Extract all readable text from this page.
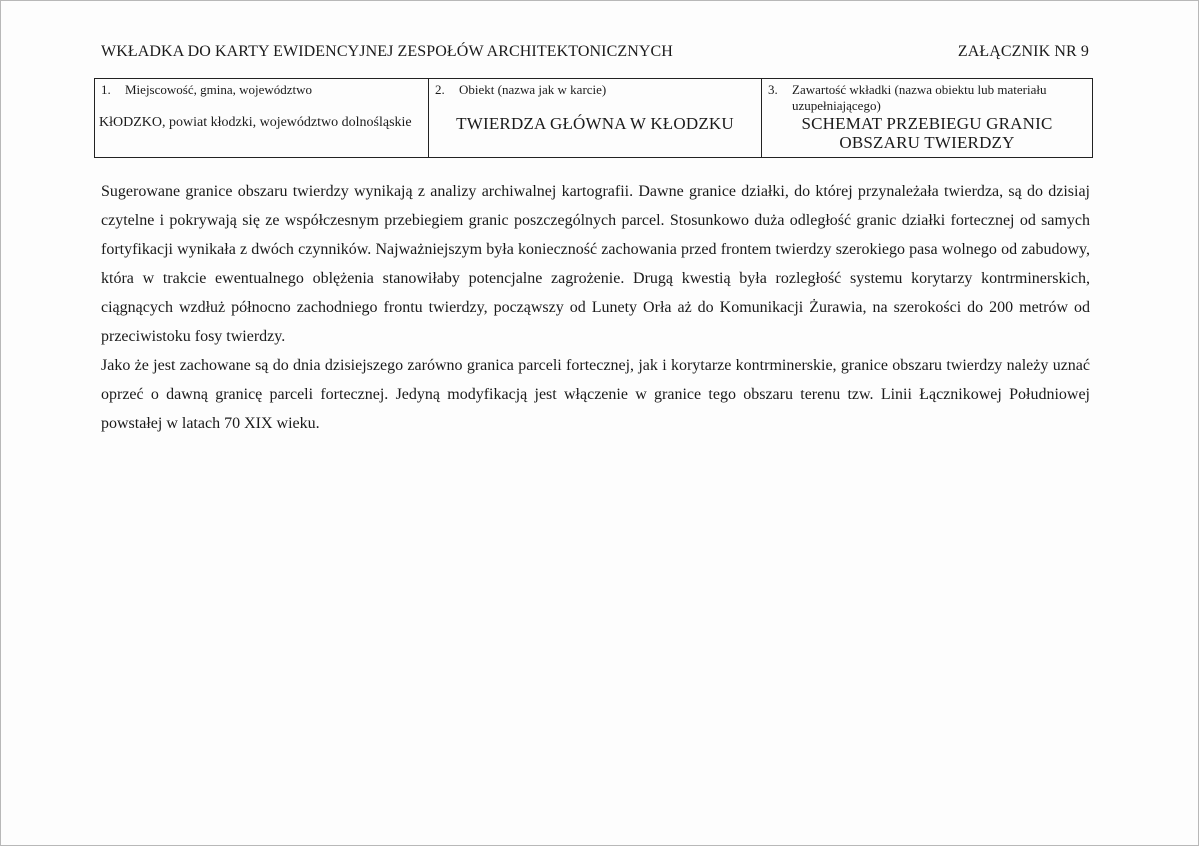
WKŁADKA DO KARTY EWIDENCYJNEJ ZESPOŁÓW ARCHITEKTONICZNYCH	ZAŁĄCZNIK NR 9
1. Miejscowość, gmina, województwo
KłODZKO, powiat kłodzki, województwo dolnośląskie
2. Obiekt (nazwa jak w karcie)
TWIERDZA GŁÓWNA W KŁODZKU
3. Zawartość wkładki (nazwa obiektu lub materiału uzupełniającego)
SCHEMAT PRZEBIEGU GRANIC OBSZARU TWIERDZY

Sugerowane granice obszaru twierdzy wynikają z analizy archiwalnej kartografii. Dawne granice działki, do której przynależała twierdza, są do dzisiaj czytelne i pokrywają się ze współczesnym przebiegiem granic poszczególnych parcel. Stosunkowo duża odległość granic działki fortecznej od samych fortyfikacji wynikała z dwóch czynników. Najważniejszym była konieczność zachowania przed frontem twierdzy szerokiego pasa wolnego od zabudowy, która w trakcie ewentualnego oblężenia stanowiłaby potencjalne zagrożenie. Drugą kwestią była rozległość systemu korytarzy kontrminerskich, ciągnących wzdłuż północno zachodniego frontu twierdzy, począwszy od Lunety Orła aż do Komunikacji Żurawia, na szerokości do 200 metrów od przeciwistoku fosy twierdzy.

Jako że jest zachowane są do dnia dzisiejszego zarówno granica parceli fortecznej, jak i korytarze kontrminerskie, granice obszaru twierdzy należy uznać oprzeć o dawną granicę parceli fortecznej. Jedyną modyfikacją jest włączenie w granice tego obszaru terenu tzw. Linii Łącznikowej Południowej powstałej w latach 70 XIX wieku.
